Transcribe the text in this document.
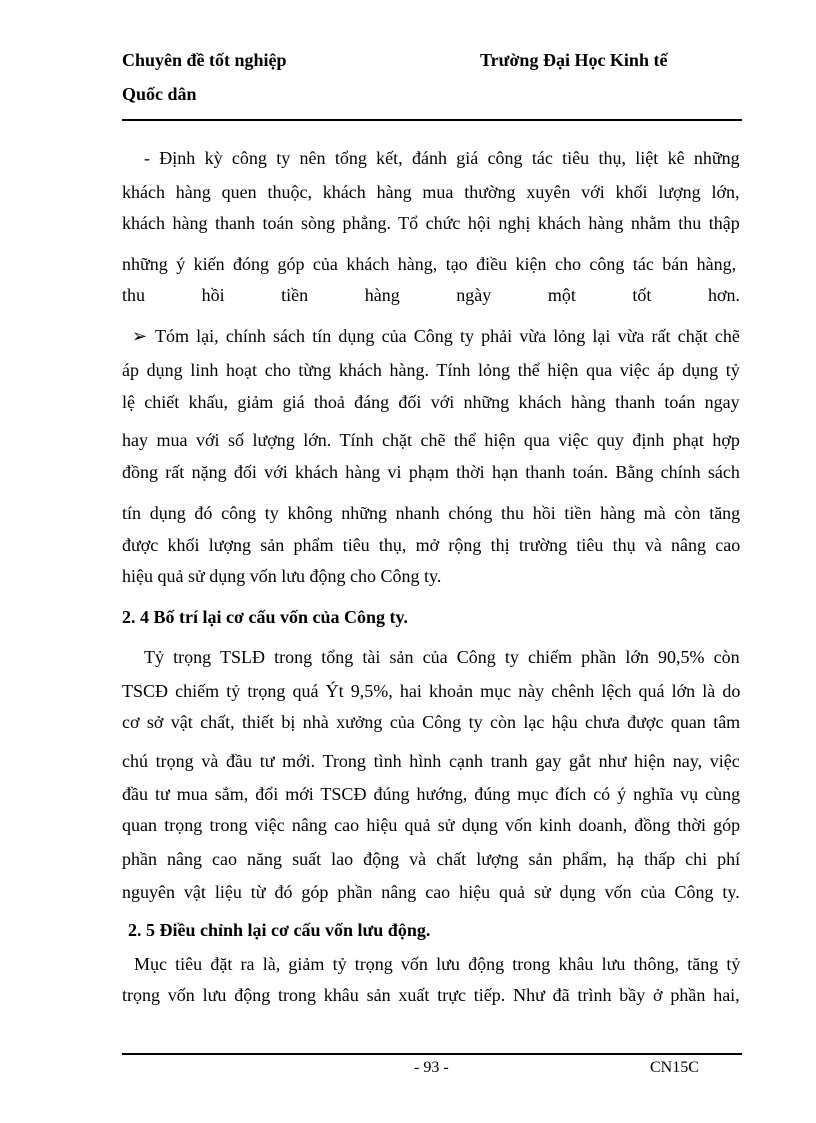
Chuyên đề tốt nghiệp	Trường Đại Học Kinh tế
Quốc dân
- Định kỳ công ty nên tổng kết, đánh giá công tác tiêu thụ, liệt kê những
khách hàng quen thuộc, khách hàng mua thường xuyên với khối lượng lớn,
khách hàng thanh toán sòng phẳng. Tổ chức hội nghị khách hàng nhằm thu thập
những ý kiến đóng góp của khách hàng, tạo điều kiện cho công tác bán hàng,
thu hồi tiền hàng ngày một tốt hơn.
➢ Tóm lại, chính sách tín dụng của Công ty phải vừa lỏng lại vừa rất chặt chẽ
áp dụng linh hoạt cho từng khách hàng. Tính lỏng thể hiện qua việc áp dụng tỷ
lệ chiết khấu, giảm giá thoả đáng đối với những khách hàng thanh toán ngay
hay mua với số lượng lớn. Tính chặt chẽ thể hiện qua việc quy định phạt hợp
đồng rất nặng đối với khách hàng vi phạm thời hạn thanh toán. Bằng chính sách
tín dụng đó công ty không những nhanh chóng thu hồi tiền hàng mà còn tăng
được khối lượng sản phẩm tiêu thụ, mở rộng thị trường tiêu thụ và nâng cao
hiệu quả sử dụng vốn lưu động cho Công ty.
2. 4 Bố trí lại cơ cấu vốn của Công ty.
Tỷ trọng TSLĐ trong tổng tài sản của Công ty chiếm phần lớn 90,5% còn
TSCĐ chiếm tỷ trọng quá Ýt 9,5%, hai khoản mục này chênh lệch quá lớn là do
cơ sở vật chất, thiết bị nhà xưởng của Công ty còn lạc hậu chưa được quan tâm
chú trọng và đầu tư mới. Trong tình hình cạnh tranh gay gắt như hiện nay, việc
đầu tư mua sắm, đổi mới TSCĐ đúng hướng, đúng mục đích có ý nghĩa vụ cùng
quan trọng trong việc nâng cao hiệu quả sử dụng vốn kinh doanh, đồng thời góp
phần nâng cao năng suất lao động và chất lượng sản phẩm, hạ thấp chi phí
nguyên vật liệu từ đó góp phần nâng cao hiệu quả sử dụng vốn của Công ty.
2. 5 Điều chỉnh lại cơ cấu vốn lưu động.
Mục tiêu đặt ra là, giảm tỷ trọng vốn lưu động trong khâu lưu thông, tăng tỷ
trọng vốn lưu động trong khâu sản xuất trực tiếp. Như đã trình bầy ở phần hai,
- 93 -	CN15C
